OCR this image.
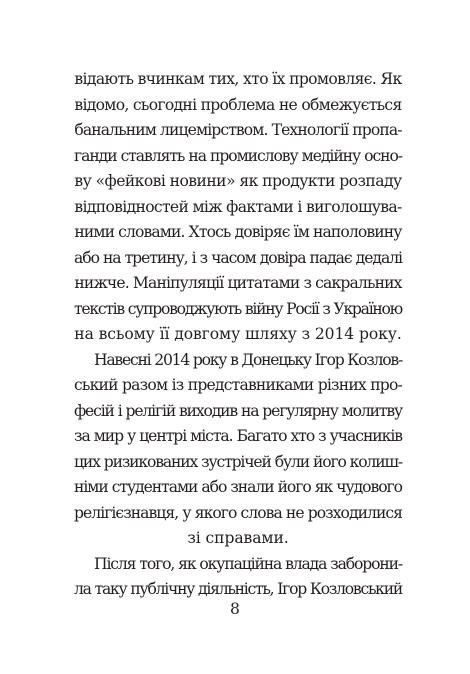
відають вчинкам тих, хто їх промовляє. Як
відомо, сьогодні проблема не обмежується
банальним лицемірством. Технології пропа-
ганди ставлять на промислову медійну осно-
ву «фейкові новини» як продукти розпаду
відповідностей між фактами і виголошува-
ними словами. Хтось довіряє їм наполовину
або на третину, і з часом довіра падає дедалі
нижче. Маніпуляції цитатами з сакральних
текстів супроводжують війну Росії з Україною
на всьому її довгому шляху з 2014 року.
Навесні 2014 року в Донецьку Ігор Козлов-
ський разом із представниками різних про-
фесій і релігій виходив на регулярну молитву
за мир у центрі міста. Багато хто з учасників
цих ризикованих зустрічей були його колиш-
німи студентами або знали його як чудового
релігієзнавця, у якого слова не розходилися
зі справами.
Після того, як окупаційна влада заборони-
ла таку публічну діяльність, Ігор Козловський
8
